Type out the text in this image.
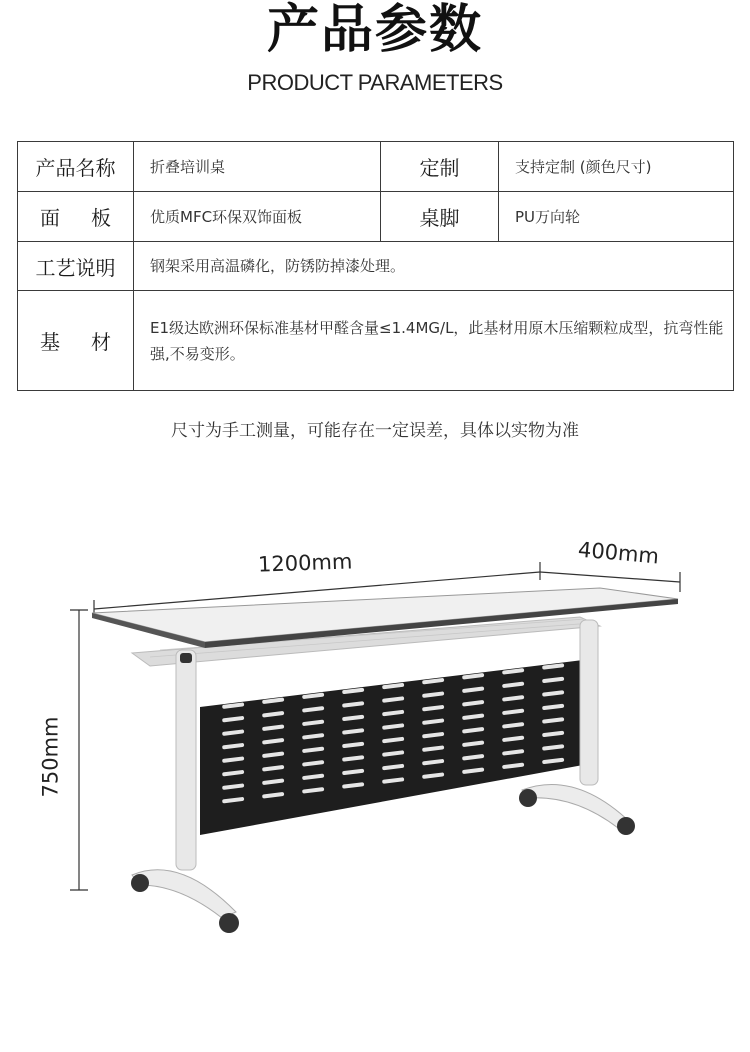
产品参数
PRODUCT PARAMETERS
产品名称	折叠培训桌	定制	支持定制 (颜色尺寸)

面 板	优质MFC环保双饰面板	桌脚	PU万向轮
工艺说明	钢架采用高温磷化，防锈防掉漆处理。		

基 材	E1级达欧洲环保标准基材甲醛含量≤1.4MG/L，此基材用原木压缩颗粒成型，抗弯性能强,不易变形。		
尺寸为手工测量，可能存在一定误差，具体以实物为准
1200mm	400mm
750mm
